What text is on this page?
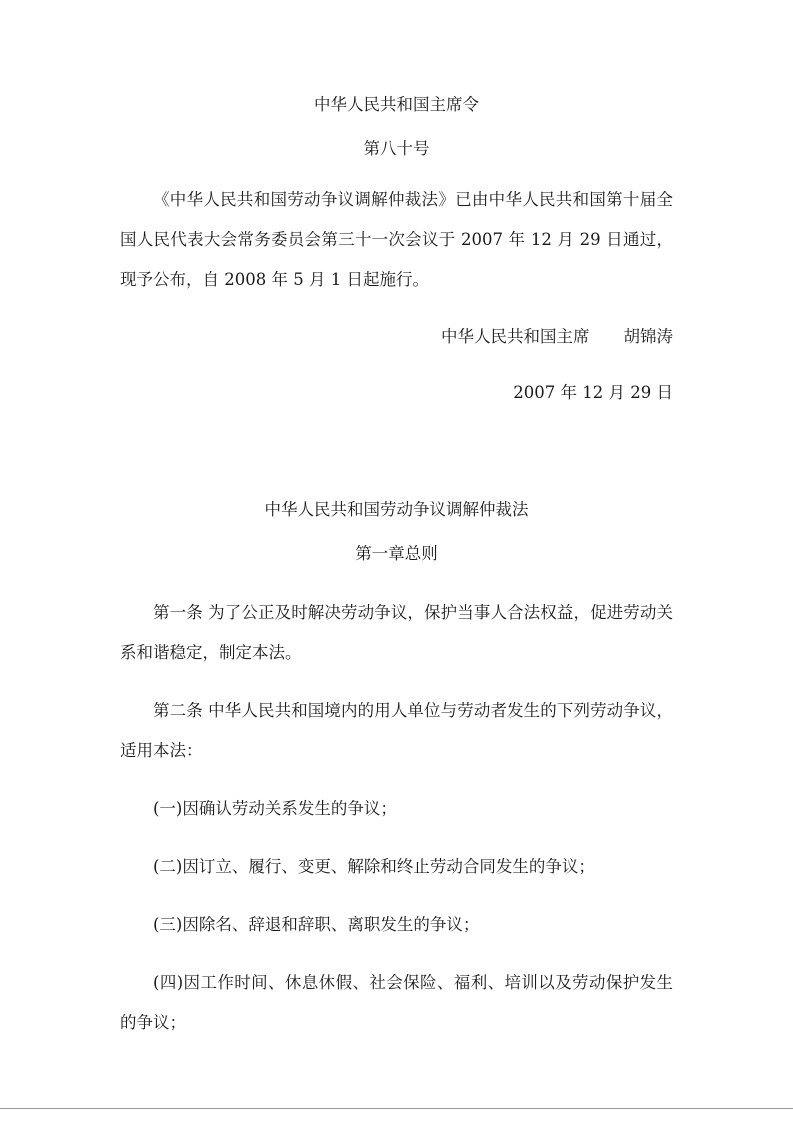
中华人民共和国主席令
第八十号

《中华人民共和国劳动争议调解仲裁法》已由中华人民共和国第十届全国人民代表大会常务委员会第三十一次会议于 2007 年 12 月 29 日通过，现予公布，自 2008 年 5 月 1 日起施行。

中华人民共和国主席 胡锦涛
2007 年 12 月 29 日
中华人民共和国劳动争议调解仲裁法
第一章总则

第一条 为了公正及时解决劳动争议，保护当事人合法权益，促进劳动关系和谐稳定，制定本法。

第二条 中华人民共和国境内的用人单位与劳动者发生的下列劳动争议，适用本法：

(一)因确认劳动关系发生的争议；

(二)因订立、履行、变更、解除和终止劳动合同发生的争议；

(三)因除名、辞退和辞职、离职发生的争议；

(四)因工作时间、休息休假、社会保险、福利、培训以及劳动保护发生的争议；
